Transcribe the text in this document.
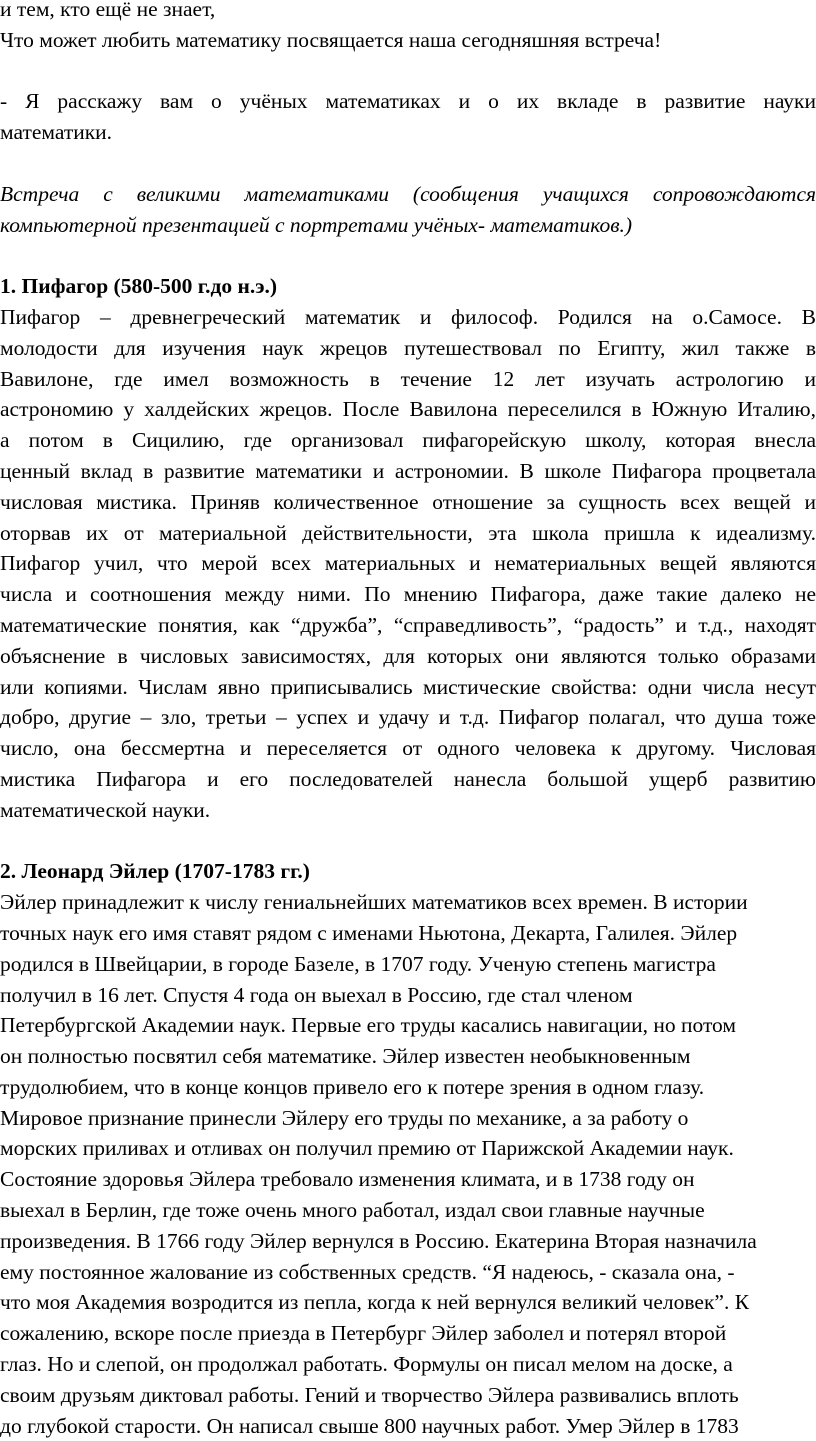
и тем, кто ещё не знает,
Что может любить математику посвящается наша сегодняшняя встреча!
- Я расскажу вам о учёных математиках и о их вкладе в развитие науки
математики.
Встреча с великими математиками (сообщения учащихся сопровождаются
компьютерной презентацией с портретами учёных- математиков.)
1. Пифагор (580-500 г.до н.э.)
Пифагор – древнегреческий математик и философ. Родился на о.Самосе. В
молодости для изучения наук жрецов путешествовал по Египту, жил также в
Вавилоне, где имел возможность в течение 12 лет изучать астрологию и
астрономию у халдейских жрецов. После Вавилона переселился в Южную Италию,
а потом в Сицилию, где организовал пифагорейскую школу, которая внесла
ценный вклад в развитие математики и астрономии. В школе Пифагора процветала
числовая мистика. Приняв количественное отношение за сущность всех вещей и
оторвав их от материальной действительности, эта школа пришла к идеализму.
Пифагор учил, что мерой всех материальных и нематериальных вещей являются
числа и соотношения между ними. По мнению Пифагора, даже такие далеко не
математические понятия, как “дружба”, “справедливость”, “радость” и т.д., находят
объяснение в числовых зависимостях, для которых они являются только образами
или копиями. Числам явно приписывались мистические свойства: одни числа несут
добро, другие – зло, третьи – успех и удачу и т.д. Пифагор полагал, что душа тоже
число, она бессмертна и переселяется от одного человека к другому. Числовая
мистика Пифагора и его последователей нанесла большой ущерб развитию
математической науки.
2. Леонард Эйлер (1707-1783 гг.)
Эйлер принадлежит к числу гениальнейших математиков всех времен. В истории
точных наук его имя ставят рядом с именами Ньютона, Декарта, Галилея. Эйлер
родился в Швейцарии, в городе Базеле, в 1707 году. Ученую степень магистра
получил в 16 лет. Спустя 4 года он выехал в Россию, где стал членом
Петербургской Академии наук. Первые его труды касались навигации, но потом
он полностью посвятил себя математике. Эйлер известен необыкновенным
трудолюбием, что в конце концов привело его к потере зрения в одном глазу.
Мировое признание принесли Эйлеру его труды по механике, а за работу о
морских приливах и отливах он получил премию от Парижской Академии наук.
Состояние здоровья Эйлера требовало изменения климата, и в 1738 году он
выехал в Берлин, где тоже очень много работал, издал свои главные научные
произведения. В 1766 году Эйлер вернулся в Россию. Екатерина Вторая назначила
ему постоянное жалование из собственных средств. “Я надеюсь, - сказала она, -
что моя Академия возродится из пепла, когда к ней вернулся великий человек”. К
сожалению, вскоре после приезда в Петербург Эйлер заболел и потерял второй
глаз. Но и слепой, он продолжал работать. Формулы он писал мелом на доске, а
своим друзьям диктовал работы. Гений и творчество Эйлера развивались вплоть
до глубокой старости. Он написал свыше 800 научных работ. Умер Эйлер в 1783
